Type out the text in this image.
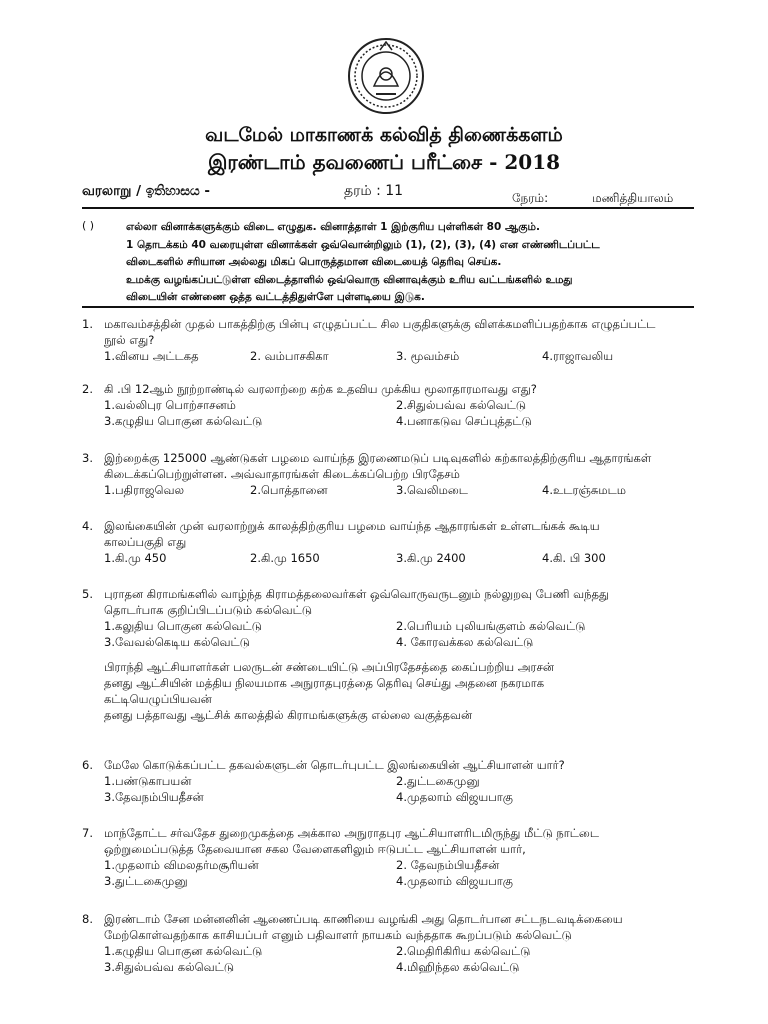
வடமேல் மாகாணக் கல்வித் திணைக்களம்
இரண்டாம் தவணைப் பரீட்சை - 2018
வரலாறு / ඉතිහාසය -	தரம் : 11	நேரம்:	மணித்தியாலம்
( )	எல்லா வினாக்களுக்கும் விடை எழுதுக. வினாத்தாள் 1 இற்குரிய புள்ளிகள் 80 ஆகும்.
1 தொடக்கம் 40 வரையுள்ள வினாக்கள் ஒவ்வொன்றிலும் (1), (2), (3), (4) என எண்ணிடப்பட்ட
விடைகளில் சரியான அல்லது மிகப் பொருத்தமான விடையைத் தெரிவு செய்க.
உமக்கு வழங்கப்பட்டுள்ள விடைத்தாளில் ஒவ்வொரு வினாவுக்கும் உரிய வட்டங்களில் உமது
விடையின் எண்ணை ஒத்த வட்டத்திதுள்ளே புள்ளடியை இடுக.
1. மகாவம்சத்தின் முதல் பாகத்திற்கு பின்பு எழுதப்பட்ட சில பகுதிகளுக்கு விளக்கமளிப்பதற்காக எழுதப்பட்ட
நூல் எது?
1.வினய அட்டகத	2. வம்பாசகிகா	3. மூவம்சம்	4.ராஜாவலிய
2. கி .பி 12ஆம் நூற்றாண்டில் வரலாற்றை கற்க உதவிய முக்கிய மூலாதாரமாவது எது?
1.வல்லிபுர பொற்சாசனம்	2.சிதுல்பவ்வ கல்வெட்டு
3.கழுதிய பொகுன கல்வெட்டு	4.பனாகடுவ செப்புத்தட்டு
3. இற்றைக்கு 125000 ஆண்டுகள் பழமை வாய்ந்த இரணைமடுப் படிவுகளில் கற்காலத்திற்குரிய ஆதாரங்கள்
கிடைக்கப்பெற்றுள்ளன. அவ்வாதாரங்கள் கிடைக்கப்பெற்ற பிரதேசம்
1.பதிராஜவெல	2.பொத்தானை	3.வெலிமடை	4.உடரஞ்சுமடம
4. இலங்கையின் முன் வரலாற்றுக் காலத்திற்குரிய பழமை வாய்ந்த ஆதாரங்கள் உள்ளடங்கக் கூடிய
காலப்பகுதி எது
1.கி.மு 450	2.கி.மு 1650	3.கி.மு 2400	4.கி. பி 300
5. புராதன கிராமங்களில் வாழ்ந்த கிராமத்தலைவர்கள் ஒவ்வொருவருடனும் நல்லுறவு பேணி வந்தது
தொடர்பாக குறிப்பிடப்படும் கல்வெட்டு
1.கலுதிய பொகுன கல்வெட்டு	2.பெரியம் புலியங்குளம் கல்வெட்டு
3.வேவல்கெடிய கல்வெட்டு	4. கோரவக்கல கல்வெட்டு
பிராந்தி ஆட்சியாளர்கள் பலருடன் சண்டையிட்டு அப்பிரதேசத்தை கைப்பற்றிய அரசன்
தனது ஆட்சியின் மத்திய நிலயமாக அநுராதபுரத்தை தெரிவு செய்து அதனை நகரமாக
கட்டியெழுப்பியவன்
தனது பத்தாவது ஆட்சிக் காலத்தில் கிராமங்களுக்கு எல்லை வகுத்தவன்
6. மேலே கொடுக்கப்பட்ட தகவல்களுடன் தொடர்புபட்ட இலங்கையின் ஆட்சியாளன் யார்?
1.பண்டுகாபயன்	2.துட்டகைமுனு
3.தேவநம்பியதீசன்	4.முதலாம் விஜயபாகு
7. மாந்தோட்ட சர்வதேச துறைமுகத்தை அக்கால அநுராதபுர ஆட்சியாளரிடமிருந்து மீட்டு நாட்டை
ஒற்றுமைப்படுத்த தேவையான சகல வேளைகளிலும் ஈடுபட்ட ஆட்சியாளன் யார்,
1.முதலாம் விமலதர்மசூரியன்	2. தேவநம்பியதீசன்
3.துட்டகைமுனு	4.முதலாம் விஜயபாகு
8. இரண்டாம் சேன மன்னனின் ஆணைப்படி காணியை வழங்கி அது தொடர்பான சட்டநடவடிக்கையை
மேற்கொள்வதற்காக காசியப்பர் எனும் பதிவாளர் நாயகம் வந்ததாக கூறப்படும் கல்வெட்டு
1.கழுதிய பொகுன கல்வெட்டு	2.மெதிரிகிரிய கல்வெட்டு
3.சிதுல்பவ்வ கல்வெட்டு	4.மிஹிந்தல கல்வெட்டு
